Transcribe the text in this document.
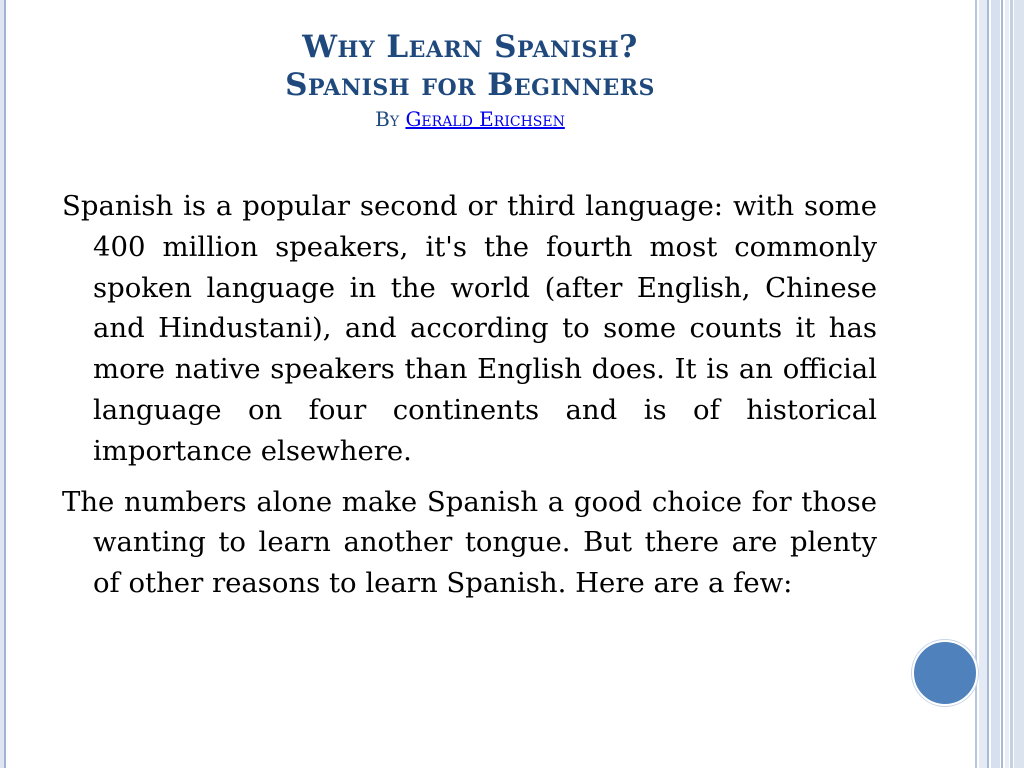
Why Learn Spanish?
Spanish for Beginners
By Gerald Erichsen

Spanish is a popular second or third language: with some 400 million speakers, it's the fourth most commonly spoken language in the world (after English, Chinese and Hindustani), and according to some counts it has more native speakers than English does. It is an official language on four continents and is of historical importance elsewhere.

The numbers alone make Spanish a good choice for those wanting to learn another tongue. But there are plenty of other reasons to learn Spanish. Here are a few:
